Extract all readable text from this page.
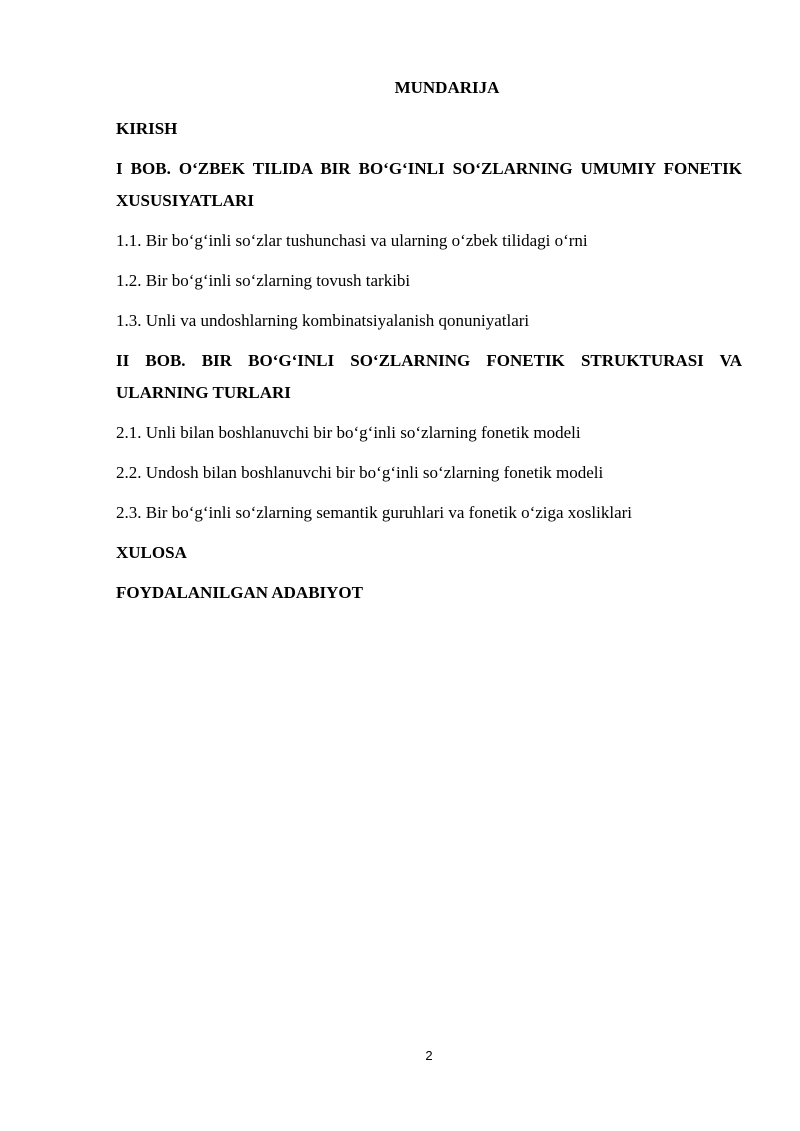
MUNDARIJA

KIRISH

I BOB. O‘ZBEK TILIDA BIR BO‘G‘INLI SO‘ZLARNING UMUMIY FONETIK XUSUSIYATLARI

1.1. Bir bo‘g‘inli so‘zlar tushunchasi va ularning o‘zbek tilidagi o‘rni

1.2. Bir bo‘g‘inli so‘zlarning tovush tarkibi

1.3. Unli va undoshlarning kombinatsiyalanish qonuniyatlari

II BOB. BIR BO‘G‘INLI SO‘ZLARNING FONETIK STRUKTURASI VA ULARNING TURLARI

2.1. Unli bilan boshlanuvchi bir bo‘g‘inli so‘zlarning fonetik modeli

2.2. Undosh bilan boshlanuvchi bir bo‘g‘inli so‘zlarning fonetik modeli

2.3. Bir bo‘g‘inli so‘zlarning semantik guruhlari va fonetik o‘ziga xosliklari

XULOSA

FOYDALANILGAN ADABIYOT

2
